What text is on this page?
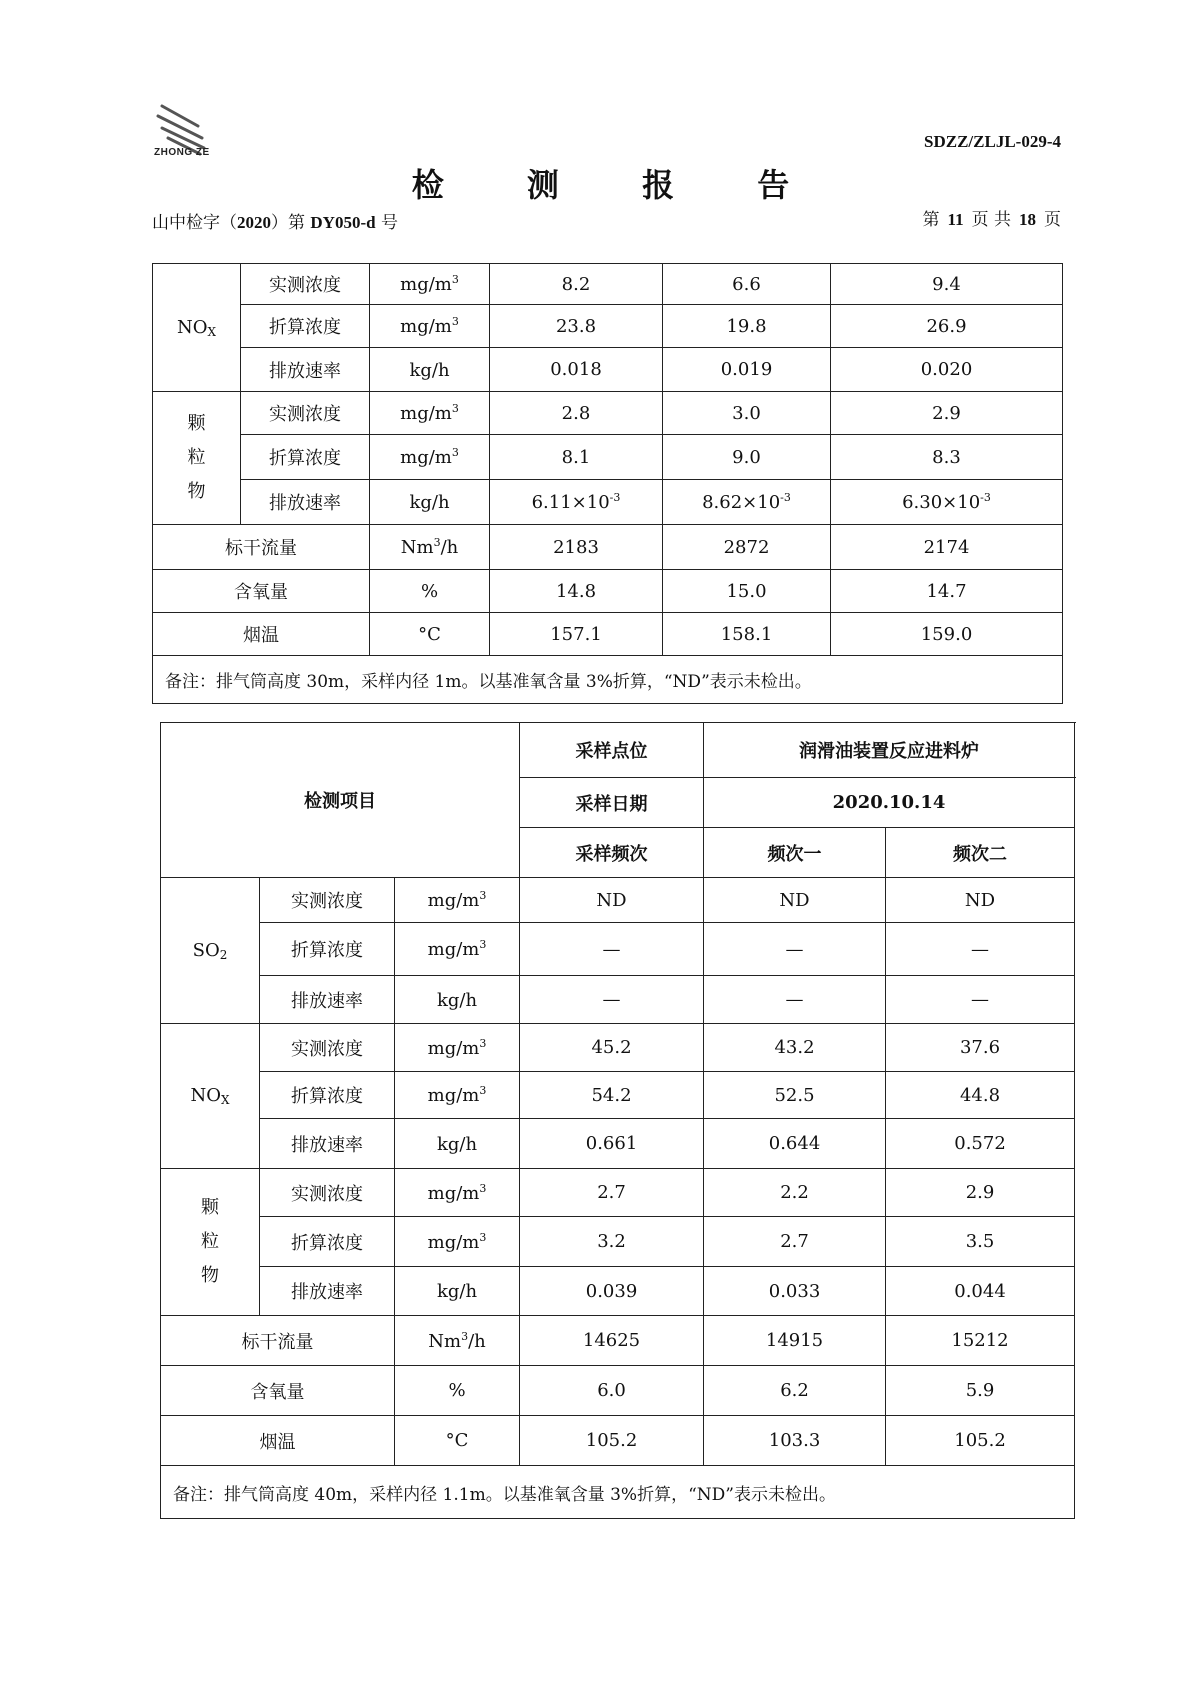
ZHONG ZE
SDZZ/ZLJL-029-4
检 测 报 告
山中检字（2020）第 DY050-d 号	第 11 页 共 18 页
$NO_X$	实测浓度	$mg/m^3$	8.2	6.6	9.4
	折算浓度	$mg/m^3$	23.8	19.8	26.9
	排放速率	kg/h	0.018	0.019	0.020
颗
粒
物	实测浓度	$mg/m^3$	2.8	3.0	2.9
	折算浓度	$mg/m^3$	8.1	9.0	8.3
	排放速率	kg/h	$6.11\times 10^{-3}$	$8.62\times 10^{-3}$	$6.30\times 10^{-3}$
标干流量		Nm$^3$/h	2183	2872	2174
含氧量		%	14.8	15.0	14.7
烟温		°C	157.1	158.1	159.0
备注：排气筒高度 30m，采样内径 1m。以基准氧含量 3%折算，“ND”表示未检出。					
检测项目			采样点位	润滑油装置反应进料炉		
			采样日期	2020.10.14		
			采样频次	频次一	频次二	
$SO_2$	实测浓度	$mg/m^3$	ND	ND	ND	
	折算浓度	$mg/m^3$	—	—	—	
	排放速率	kg/h	—	—	—	
$NO_X$	实测浓度	$mg/m^3$	45.2	43.2	37.6	
	折算浓度	$mg/m^3$	54.2	52.5	44.8	
	排放速率	kg/h	0.661	0.644	0.572	
颗
粒
物	实测浓度	$mg/m^3$	2.7	2.2	2.9	
	折算浓度	$mg/m^3$	3.2	2.7	3.5	
	排放速率	kg/h	0.039	0.033	0.044	
标干流量		Nm$^3$/h	14625	14915	15212	
含氧量		%	6.0	6.2	5.9	
烟温		°C	105.2	103.3	105.2	
备注：排气筒高度 40m，采样内径 1.1m。以基准氧含量 3%折算，“ND”表示未检出。						
